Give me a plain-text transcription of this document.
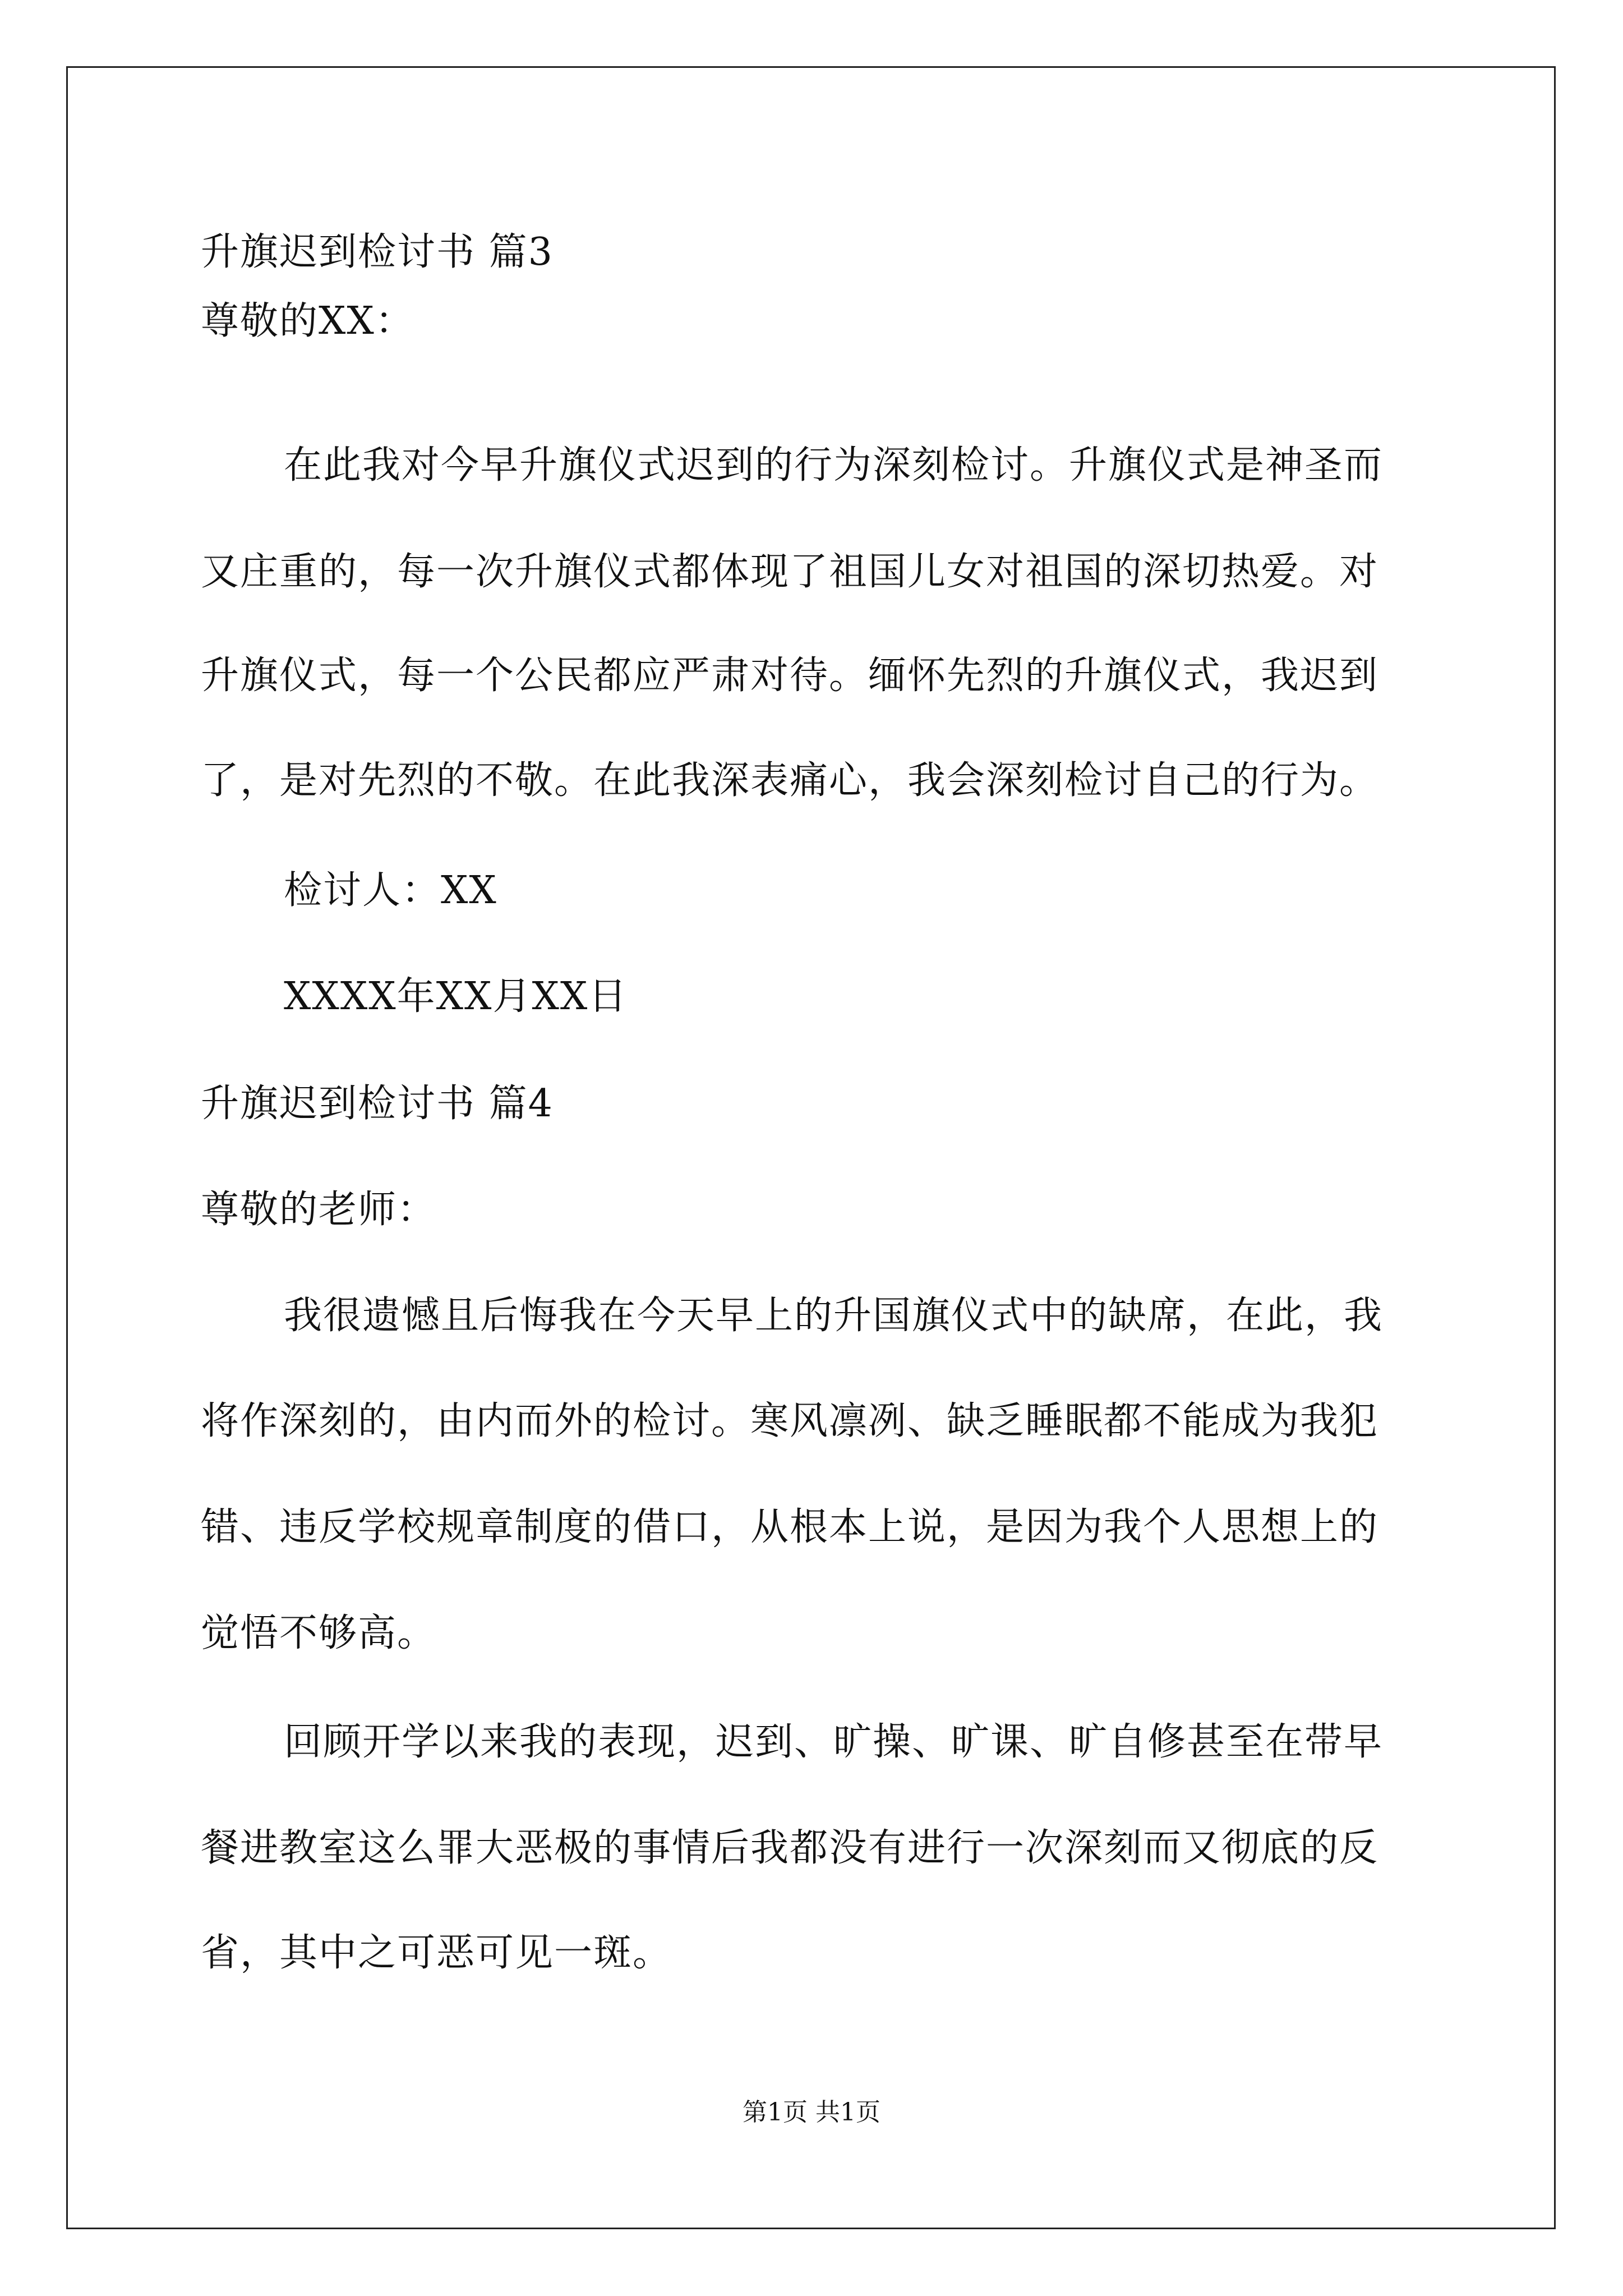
升旗迟到检讨书 篇3
尊敬的XX：
在此我对今早升旗仪式迟到的行为深刻检讨。升旗仪式是神圣而
又庄重的，每一次升旗仪式都体现了祖国儿女对祖国的深切热爱。对
升旗仪式，每一个公民都应严肃对待。缅怀先烈的升旗仪式，我迟到
了，是对先烈的不敬。在此我深表痛心，我会深刻检讨自己的行为。
检讨人：XX
XXXX年XX月XX日
升旗迟到检讨书 篇4
尊敬的老师：
我很遗憾且后悔我在今天早上的升国旗仪式中的缺席，在此，我
将作深刻的，由内而外的检讨。寒风凛冽、缺乏睡眠都不能成为我犯
错、违反学校规章制度的借口，从根本上说，是因为我个人思想上的
觉悟不够高。
回顾开学以来我的表现，迟到、旷操、旷课、旷自修甚至在带早
餐进教室这么罪大恶极的事情后我都没有进行一次深刻而又彻底的反
省，其中之可恶可见一斑。
第1页 共1页
